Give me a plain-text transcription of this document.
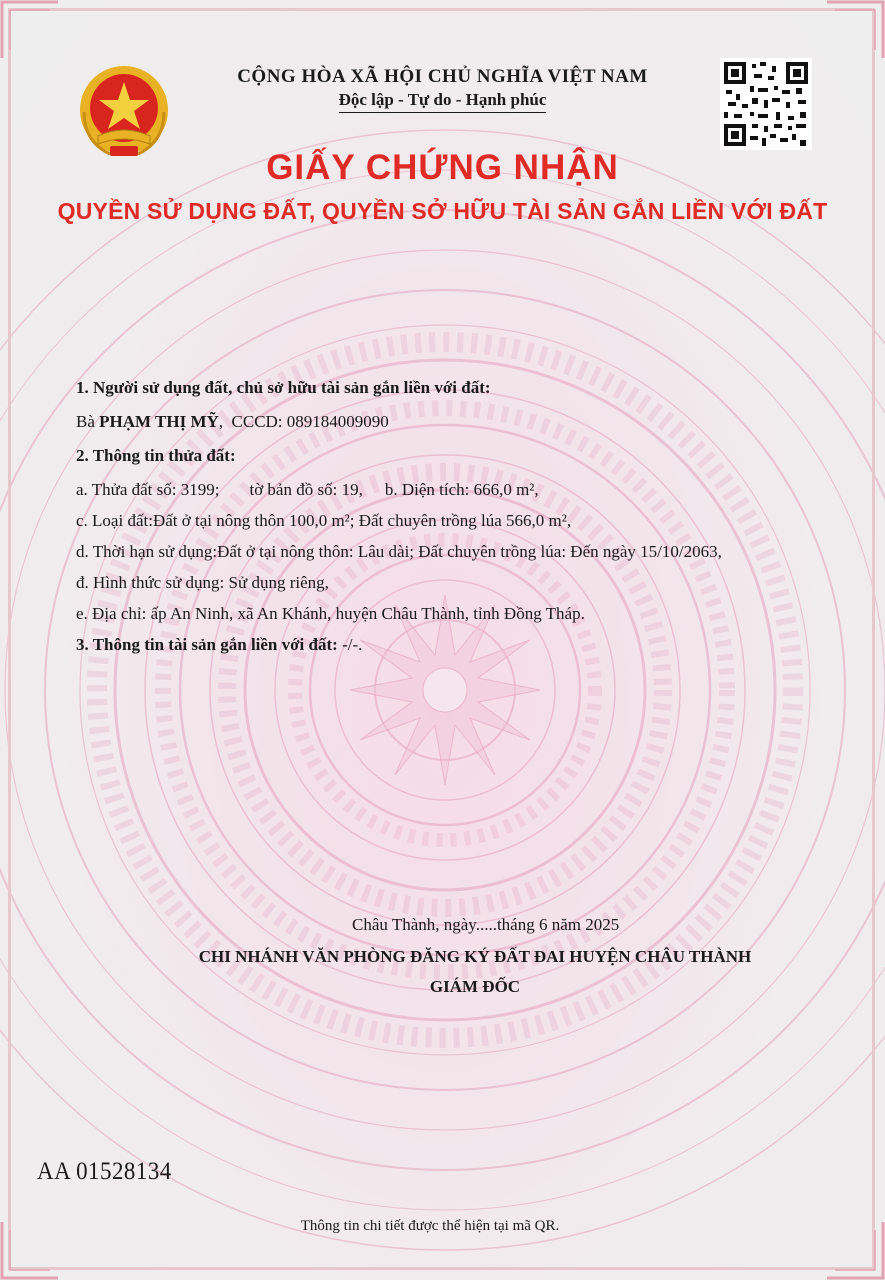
CỘNG HÒA XÃ HỘI CHỦ NGHĨA VIỆT NAM

Độc lập - Tự do - Hạnh phúc

GIẤY CHỨNG NHẬN
QUYỀN SỬ DỤNG ĐẤT, QUYỀN SỞ HỮU TÀI SẢN GẮN LIỀN VỚI ĐẤT

1. Người sử dụng đất, chủ sở hữu tài sản gắn liền với đất:

Bà PHẠM THỊ MỸ, CCCD: 089184009090

2. Thông tin thửa đất:

a. Thửa đất số: 3199; tờ bản đồ số: 19, b. Diện tích: 666,0 m²,

c. Loại đất:Đất ở tại nông thôn 100,0 m²; Đất chuyên trồng lúa 566,0 m²,

d. Thời hạn sử dụng:Đất ở tại nông thôn: Lâu dài; Đất chuyên trồng lúa: Đến ngày 15/10/2063,

đ. Hình thức sử dụng: Sử dụng riêng,

e. Địa chỉ: ấp An Ninh, xã An Khánh, huyện Châu Thành, tỉnh Đồng Tháp.

3. Thông tin tài sản gắn liền với đất: -/-.

Châu Thành, ngày.....tháng 6 năm 2025

CHI NHÁNH VĂN PHÒNG ĐĂNG KÝ ĐẤT ĐAI HUYỆN CHÂU THÀNH

GIÁM ĐỐC

AA 01528134

Thông tin chi tiết được thể hiện tại mã QR.
